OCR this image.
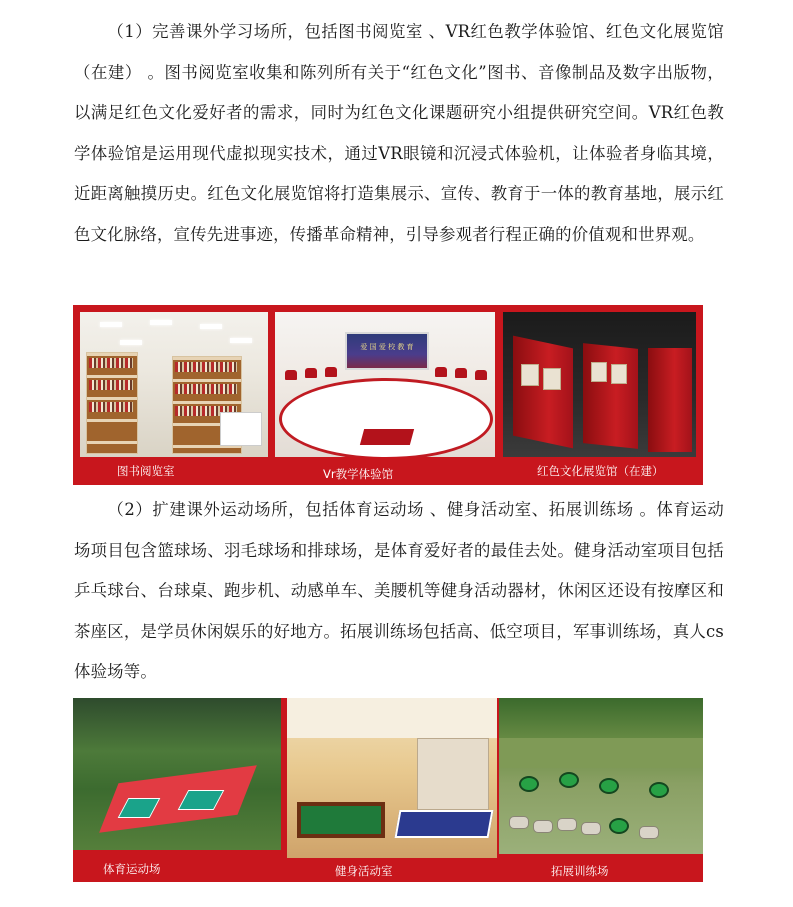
（1）完善课外学习场所，包括图书阅览室 、VR红色教学体验馆、红色文化展览馆（在建） 。图书阅览室收集和陈列所有关于“红色文化”图书、音像制品及数字出版物，以满足红色文化爱好者的需求，同时为红色文化课题研究小组提供研究空间。VR红色教学体验馆是运用现代虚拟现实技术，通过VR眼镜和沉浸式体验机，让体验者身临其境，近距离触摸历史。红色文化展览馆将打造集展示、宣传、教育于一体的教育基地，展示红色文化脉络，宣传先进事迹，传播革命精神，引导参观者行程正确的价值观和世界观。

图书阅览室
爱 国 爱 校 教 育
Vr教学体验馆	红色文化展览馆（在建）

（2）扩建课外运动场所，包括体育运动场 、健身活动室、拓展训练场 。体育运动场项目包含篮球场、羽毛球场和排球场，是体育爱好者的最佳去处。健身活动室项目包括乒乓球台、台球桌、跑步机、动感单车、美腰机等健身活动器材，休闲区还设有按摩区和茶座区，是学员休闲娱乐的好地方。拓展训练场包括高、低空项目，军事训练场，真人cs体验场等。

体育运动场	健身活动室	拓展训练场
